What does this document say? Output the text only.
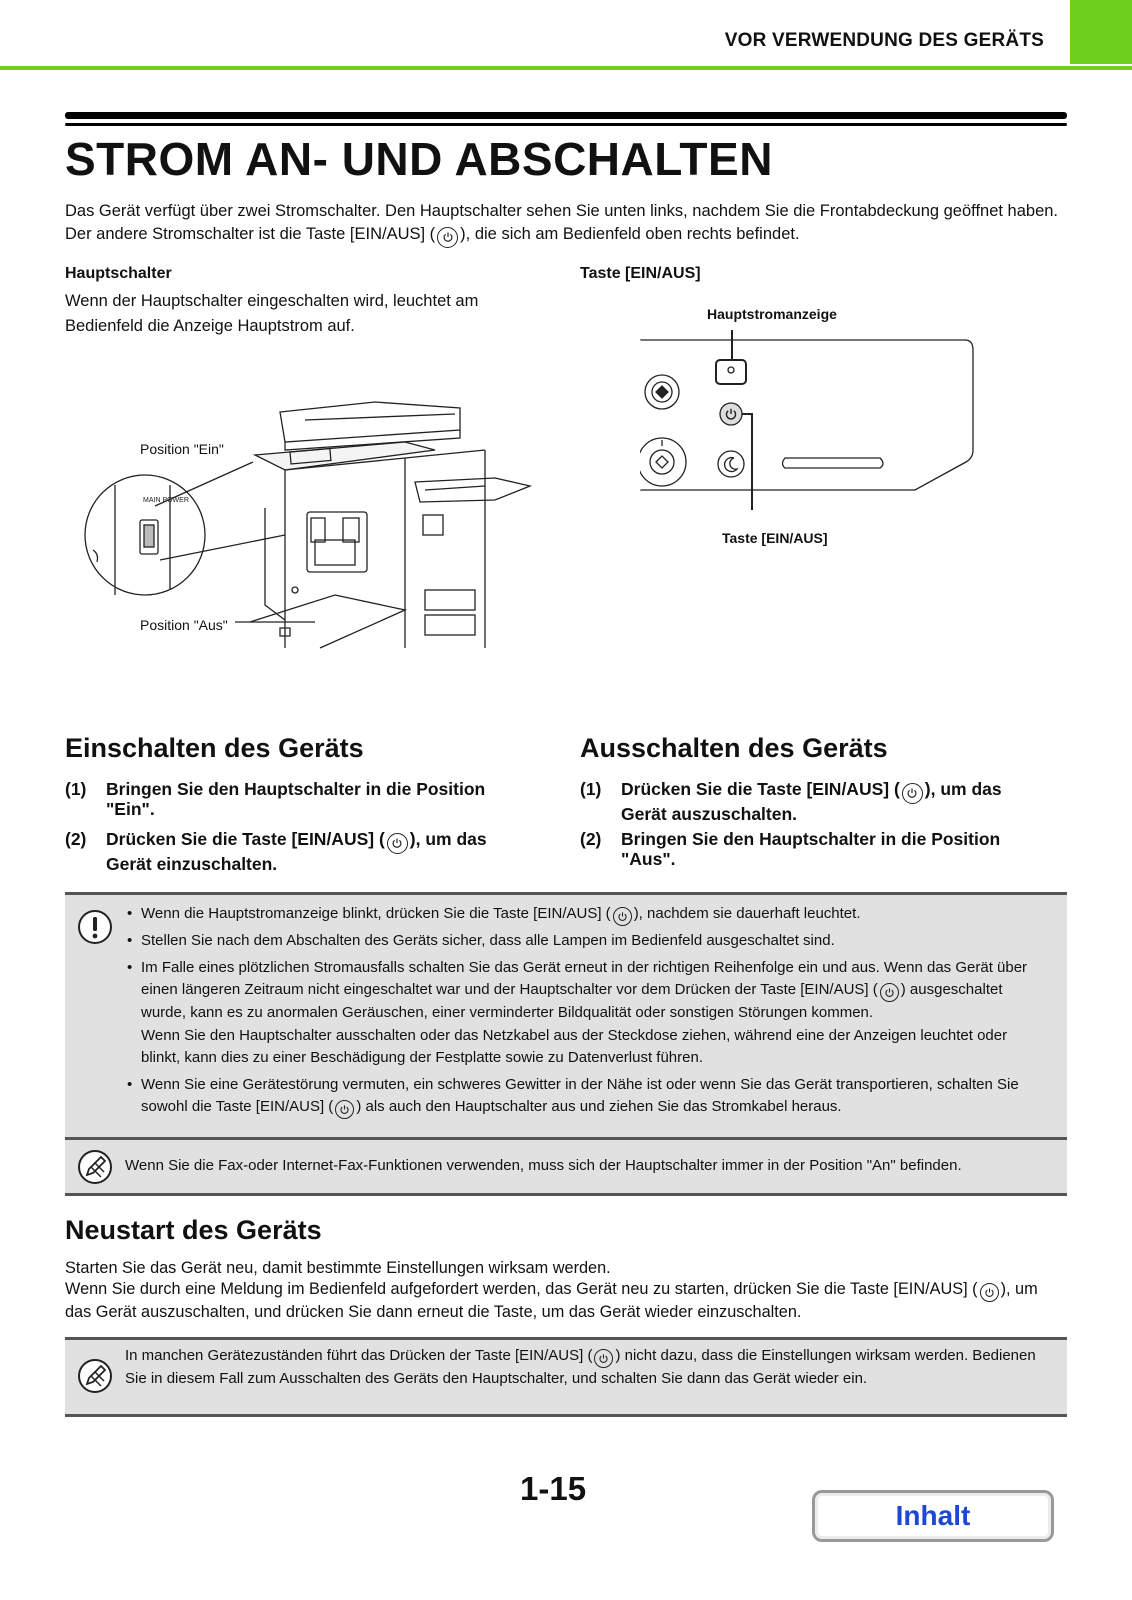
VOR VERWENDUNG DES GERÄTS
STROM AN- UND ABSCHALTEN

Das Gerät verfügt über zwei Stromschalter. Den Hauptschalter sehen Sie unten links, nachdem Sie die Frontabdeckung geöffnet haben. Der andere Stromschalter ist die Taste [EIN/AUS] ( ), die sich am Bedienfeld oben rechts befindet.

Hauptschalter

Wenn der Hauptschalter eingeschalten wird, leuchtet am Bedienfeld die Anzeige Hauptstrom auf.

Position "Ein"
Position "Aus"
MAIN POWER
Taste [EIN/AUS]
Hauptstromanzeige
Taste [EIN/AUS]
Einschalten des Geräts
(1) Bringen Sie den Hauptschalter in die Position "Ein".
(2) Drücken Sie die Taste [EIN/AUS] ( ), um das Gerät einzuschalten.
Ausschalten des Geräts
(1) Drücken Sie die Taste [EIN/AUS] ( ), um das Gerät auszuschalten.
(2) Bringen Sie den Hauptschalter in die Position "Aus".
• Wenn die Hauptstromanzeige blinkt, drücken Sie die Taste [EIN/AUS] ( ), nachdem sie dauerhaft leuchtet.
• Stellen Sie nach dem Abschalten des Geräts sicher, dass alle Lampen im Bedienfeld ausgeschaltet sind.
• Im Falle eines plötzlichen Stromausfalls schalten Sie das Gerät erneut in der richtigen Reihenfolge ein und aus. Wenn das Gerät über einen längeren Zeitraum nicht eingeschaltet war und der Hauptschalter vor dem Drücken der Taste [EIN/AUS] ( ) ausgeschaltet wurde, kann es zu anormalen Geräuschen, einer verminderter Bildqualität oder sonstigen Störungen kommen.
Wenn Sie den Hauptschalter ausschalten oder das Netzkabel aus der Steckdose ziehen, während eine der Anzeigen leuchtet oder blinkt, kann dies zu einer Beschädigung der Festplatte sowie zu Datenverlust führen.
• Wenn Sie eine Gerätestörung vermuten, ein schweres Gewitter in der Nähe ist oder wenn Sie das Gerät transportieren, schalten Sie sowohl die Taste [EIN/AUS] ( ) als auch den Hauptschalter aus und ziehen Sie das Stromkabel heraus.

Wenn Sie die Fax-oder Internet-Fax-Funktionen verwenden, muss sich der Hauptschalter immer in der Position "An" befinden.

Neustart des Geräts

Starten Sie das Gerät neu, damit bestimmte Einstellungen wirksam werden.
Wenn Sie durch eine Meldung im Bedienfeld aufgefordert werden, das Gerät neu zu starten, drücken Sie die Taste [EIN/AUS] ( ), um das Gerät auszuschalten, und drücken Sie dann erneut die Taste, um das Gerät wieder einzuschalten.

In manchen Gerätezuständen führt das Drücken der Taste [EIN/AUS] ( ) nicht dazu, dass die Einstellungen wirksam werden. Bedienen Sie in diesem Fall zum Ausschalten des Geräts den Hauptschalter, und schalten Sie dann das Gerät wieder ein.

1-15
Inhalt
